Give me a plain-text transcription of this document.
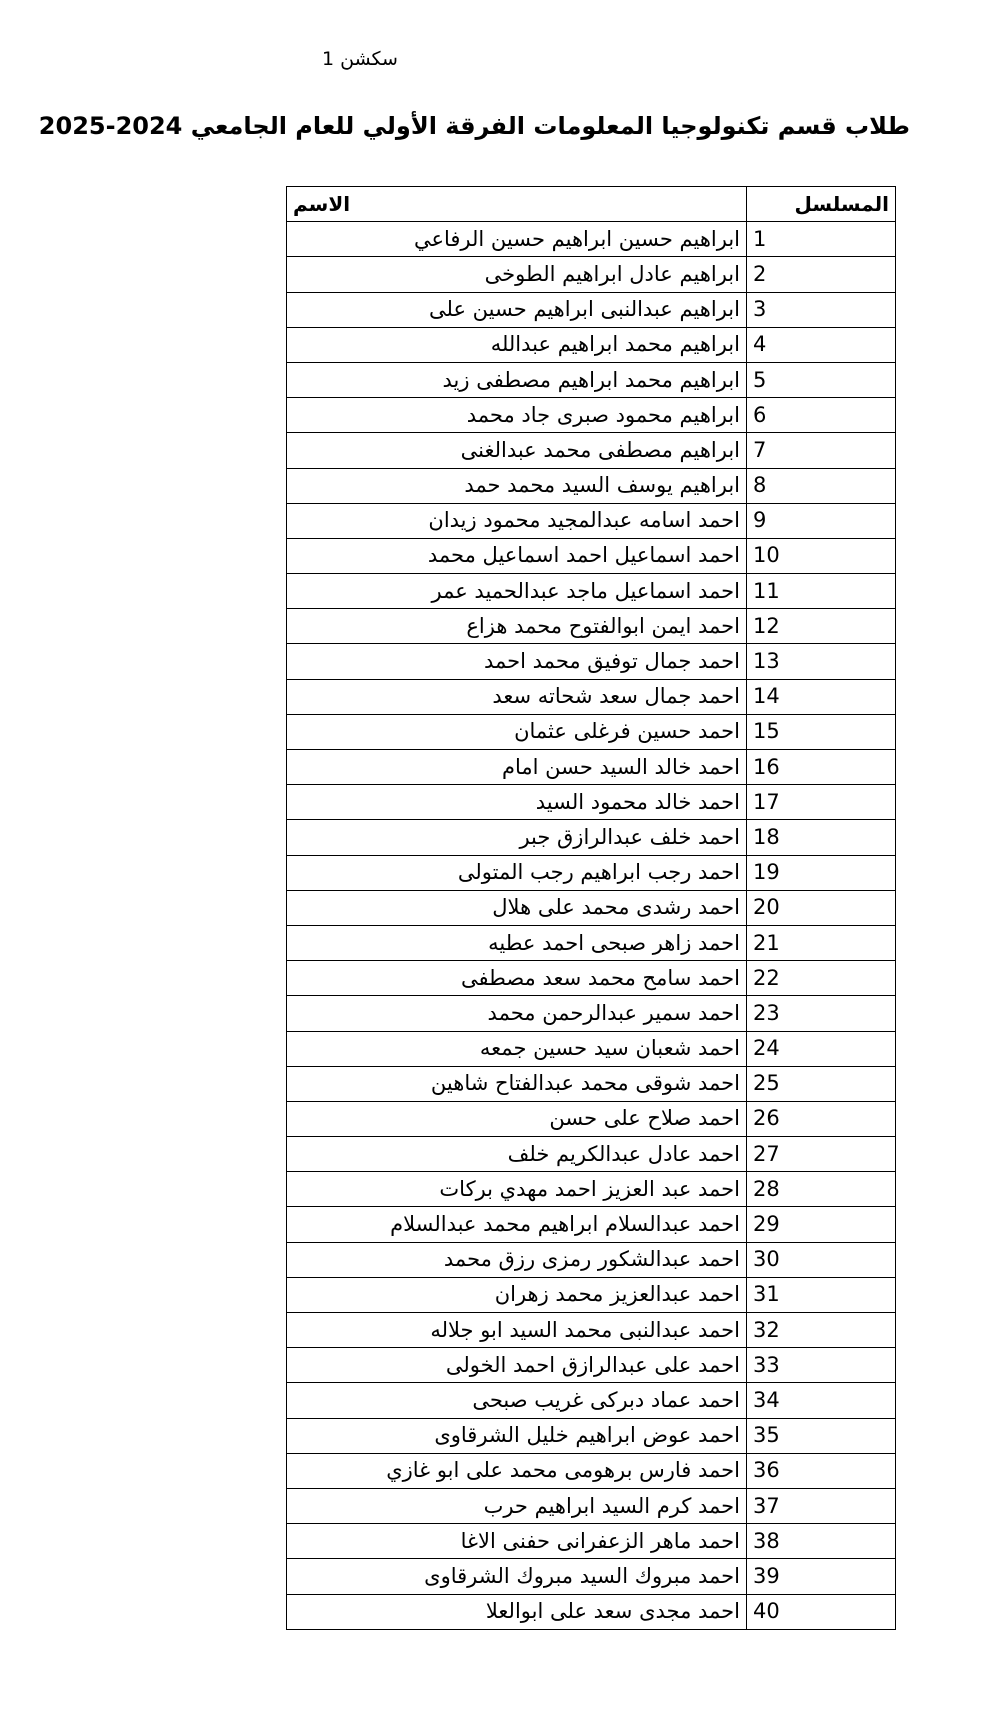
سكشن 1
طلاب قسم تكنولوجيا المعلومات الفرقة الأولي للعام الجامعي 2024-2025
المسلسل	الاسم
1	ابراهيم حسين ابراهيم حسين الرفاعي
2	ابراهيم عادل ابراهيم الطوخى
3	ابراهيم عبدالنبى ابراهيم حسين على
4	ابراهيم محمد ابراهيم عبدالله
5	ابراهيم محمد ابراهيم مصطفى زيد
6	ابراهيم محمود صبرى جاد محمد
7	ابراهيم مصطفى محمد عبدالغنى
8	ابراهيم يوسف السيد محمد حمد
9	احمد اسامه عبدالمجيد محمود زيدان
10	احمد اسماعيل احمد اسماعيل محمد
11	احمد اسماعيل ماجد عبدالحميد عمر
12	احمد ايمن ابوالفتوح محمد هزاع
13	احمد جمال توفيق محمد احمد
14	احمد جمال سعد شحاته سعد
15	احمد حسين فرغلى عثمان
16	احمد خالد السيد حسن امام
17	احمد خالد محمود السيد
18	احمد خلف عبدالرازق جبر
19	احمد رجب ابراهيم رجب المتولى
20	احمد رشدى محمد على هلال
21	احمد زاهر صبحى احمد عطيه
22	احمد سامح محمد سعد مصطفى
23	احمد سمير عبدالرحمن محمد
24	احمد شعبان سيد حسين جمعه
25	احمد شوقى محمد عبدالفتاح شاهين
26	احمد صلاح على حسن
27	احمد عادل عبدالكريم خلف
28	احمد عبد العزيز احمد مهدي بركات
29	احمد عبدالسلام ابراهيم محمد عبدالسلام
30	احمد عبدالشكور رمزى رزق محمد
31	احمد عبدالعزيز محمد زهران
32	احمد عبدالنبى محمد السيد ابو جلاله
33	احمد على عبدالرازق احمد الخولى
34	احمد عماد دبركى غريب صبحى
35	احمد عوض ابراهيم خليل الشرقاوى
36	احمد فارس برهومى محمد على ابو غازي
37	احمد كرم السيد ابراهيم حرب
38	احمد ماهر الزعفرانى حفنى الاغا
39	احمد مبروك السيد مبروك الشرقاوى
40	احمد مجدى سعد على ابوالعلا
